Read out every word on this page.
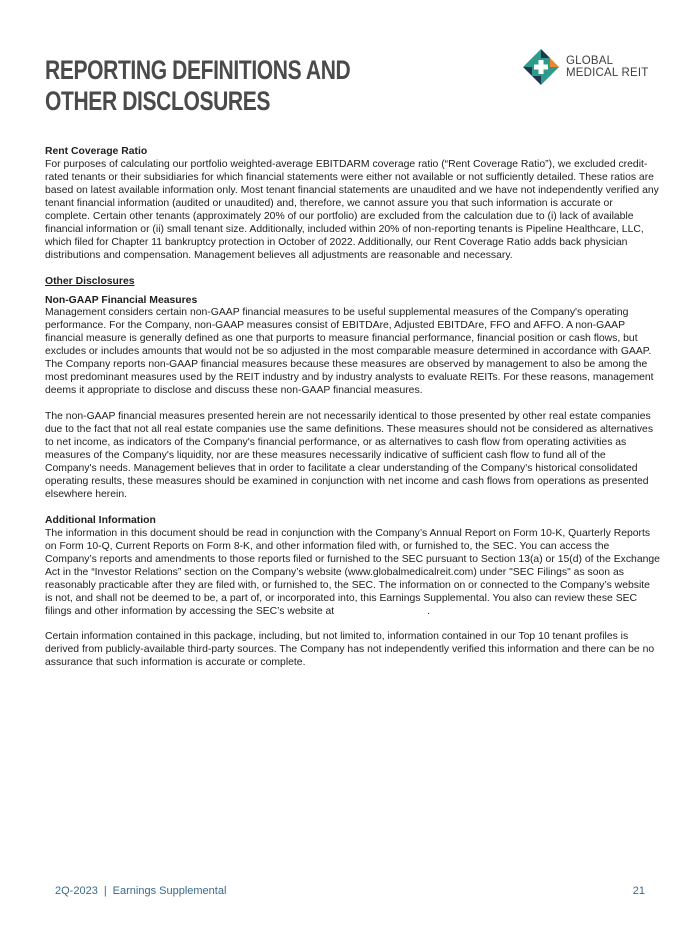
REPORTING DEFINITIONS AND
OTHER DISCLOSURES
GLOBAL
MEDICAL REIT

Rent Coverage Ratio

For purposes of calculating our portfolio weighted-average EBITDARM coverage ratio (“Rent Coverage Ratio”), we excluded credit-rated tenants or their subsidiaries for which financial statements were either not available or not sufficiently detailed. These ratios are based on latest available information only. Most tenant financial statements are unaudited and we have not independently verified any tenant financial information (audited or unaudited) and, therefore, we cannot assure you that such information is accurate or complete. Certain other tenants (approximately 20% of our portfolio) are excluded from the calculation due to (i) lack of available financial information or (ii) small tenant size. Additionally, included within 20% of non-reporting tenants is Pipeline Healthcare, LLC, which filed for Chapter 11 bankruptcy protection in October of 2022. Additionally, our Rent Coverage Ratio adds back physician distributions and compensation. Management believes all adjustments are reasonable and necessary.

Other Disclosures

Non-GAAP Financial Measures

Management considers certain non-GAAP financial measures to be useful supplemental measures of the Company's operating performance. For the Company, non-GAAP measures consist of EBITDAre, Adjusted EBITDAre, FFO and AFFO. A non-GAAP financial measure is generally defined as one that purports to measure financial performance, financial position or cash flows, but excludes or includes amounts that would not be so adjusted in the most comparable measure determined in accordance with GAAP. The Company reports non-GAAP financial measures because these measures are observed by management to also be among the most predominant measures used by the REIT industry and by industry analysts to evaluate REITs. For these reasons, management deems it appropriate to disclose and discuss these non-GAAP financial measures.

The non-GAAP financial measures presented herein are not necessarily identical to those presented by other real estate companies due to the fact that not all real estate companies use the same definitions. These measures should not be considered as alternatives to net income, as indicators of the Company's financial performance, or as alternatives to cash flow from operating activities as measures of the Company's liquidity, nor are these measures necessarily indicative of sufficient cash flow to fund all of the Company's needs. Management believes that in order to facilitate a clear understanding of the Company's historical consolidated operating results, these measures should be examined in conjunction with net income and cash flows from operations as presented elsewhere herein.

Additional Information

The information in this document should be read in conjunction with the Company’s Annual Report on Form 10-K, Quarterly Reports on Form 10-Q, Current Reports on Form 8-K, and other information filed with, or furnished to, the SEC. You can access the Company’s reports and amendments to those reports filed or furnished to the SEC pursuant to Section 13(a) or 15(d) of the Exchange Act in the “Investor Relations” section on the Company’s website (www.globalmedicalreit.com) under "SEC Filings" as soon as reasonably practicable after they are filed with, or furnished to, the SEC. The information on or connected to the Company’s website is not, and shall not be deemed to be, a part of, or incorporated into, this Earnings Supplemental. You also can review these SEC filings and other information by accessing the SEC’s website at	.

Certain information contained in this package, including, but not limited to, information contained in our Top 10 tenant profiles is derived from publicly-available third-party sources. The Company has not independently verified this information and there can be no assurance that such information is accurate or complete.

2Q-2023 | Earnings Supplemental	21
